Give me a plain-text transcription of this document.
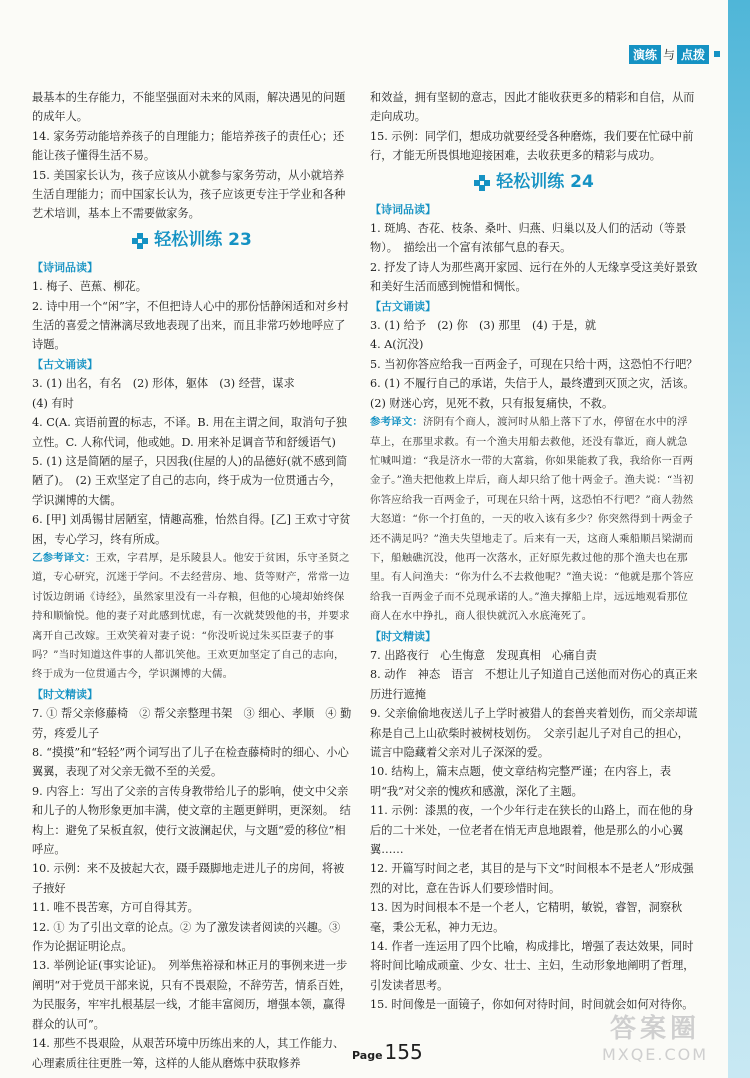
演练 与 点拨

最基本的生存能力，不能坚强面对未来的风雨，解决遇见的问题的成年人。

14. 家务劳动能培养孩子的自理能力；能培养孩子的责任心；还能让孩子懂得生活不易。

15. 美国家长认为，孩子应该从小就参与家务劳动，从小就培养生活自理能力；而中国家长认为，孩子应该更专注于学业和各种艺术培训，基本上不需要做家务。

轻松训练 23

【诗词品读】

1. 梅子、芭蕉、柳花。

2. 诗中用一个“闲”字，不但把诗人心中的那份恬静闲适和对乡村生活的喜爱之情淋漓尽致地表现了出来，而且非常巧妙地呼应了诗题。

【古文诵读】

3. (1) 出名，有名　(2) 形体，躯体　(3) 经营，谋求

(4) 有时

4. C(A. 宾语前置的标志，不译。B. 用在主谓之间，取消句子独立性。C. 人称代词，他或她。D. 用来补足调音节和舒缓语气)

5. (1) 这是简陋的屋子，只因我(住屋的人)的品德好(就不感到简陋了)。　(2) 王欢坚定了自己的志向，终于成为一位贯通古今，学识渊博的大儒。

6. [甲] 刘禹锡甘居陋室，情趣高雅，怡然自得。[乙] 王欢寸守贫困，专心学习，终有所成。

乙参考译文：王欢，字君厚，是乐陵县人。他安于贫困，乐守圣贤之道，专心研究，沉迷于学问。不去经营房、地、货等财产，常常一边讨饭边朗诵《诗经》，虽然家里没有一斗存粮，但他的心境却始终保持和顺愉悦。他的妻子对此感到忧虑，有一次就焚毁他的书，并要求离开自己改嫁。王欢笑着对妻子说：“你没听说过朱买臣妻子的事吗？”当时知道这件事的人都讥笑他。王欢更加坚定了自己的志向，终于成为一位贯通古今，学识渊博的大儒。

【时文精读】

7. ① 帮父亲修藤椅　② 帮父亲整理书架　③ 细心、孝顺　④ 勤劳，疼爱儿子

8. “摸摸”和“轻轻”两个词写出了儿子在检查藤椅时的细心、小心翼翼，表现了对父亲无微不至的关爱。

9. 内容上：写出了父亲的言传身教带给儿子的影响，使文中父亲和儿子的人物形象更加丰满，使文章的主题更鲜明，更深刻。　结构上：避免了呆板直叙，使行文波澜起伏，与文题“爱的移位”相呼应。

10. 示例：来不及披起大衣，蹑手蹑脚地走进儿子的房间，将被子掖好

11. 唯不畏苦寒，方可自得其芳。

12. ① 为了引出文章的论点。② 为了激发读者阅读的兴趣。③ 作为论据证明论点。

13. 举例论证(事实论证)。　列举焦裕禄和林正月的事例来进一步阐明“对于党员干部来说，只有不畏艰险，不辞劳苦，情系百姓，为民服务，牢牢扎根基层一线，才能丰富阅历，增强本领，赢得群众的认可”。

14. 那些不畏艰险，从艰苦环境中历练出来的人，其工作能力、心理素质往往更胜一筹，这样的人能从磨炼中获取修养

和效益，拥有坚韧的意志，因此才能收获更多的精彩和自信，从而走向成功。

15. 示例：同学们，想成功就要经受各种磨炼，我们要在忙碌中前行，才能无所畏惧地迎接困难，去收获更多的精彩与成功。

轻松训练 24

【诗词品读】

1. 斑鸠、杏花、枝条、桑叶、归燕、归巢以及人们的活动（等景物）。　描绘出一个富有浓郁气息的春天。

2. 抒发了诗人为那些离开家园、远行在外的人无缘享受这美好景致和美好生活而感到惋惜和惆怅。

【古文诵读】

3. (1) 给予　(2) 你　(3) 那里　(4) 于是，就

4. A(沉没)

5. 当初你答应给我一百两金子，可现在只给十两，这恐怕不行吧？

6. (1) 不履行自己的承诺，失信于人，最终遭到灭顶之灾，活该。　(2) 财迷心窍，见死不救，只有报复痛快，不救。

参考译文：济阴有个商人，渡河时从船上落下了水，停留在水中的浮草上，在那里求救。有一个渔夫用船去救他，还没有靠近，商人就急忙喊叫道：“我是济水一带的大富翁，你如果能救了我，我给你一百两金子。”渔夫把他救上岸后，商人却只给了他十两金子。渔夫说：“当初你答应给我一百两金子，可现在只给十两，这恐怕不行吧？”商人勃然大怒道：“你一个打鱼的，一天的收入该有多少？你突然得到十两金子还不满足吗？”渔夫失望地走了。后来有一天，这商人乘船顺吕梁湖而下，船触礁沉没，他再一次落水，正好原先救过他的那个渔夫也在那里。有人问渔夫：“你为什么不去救他呢？”渔夫说：“他就是那个答应给我一百两金子而不兑现承诺的人。”渔夫撑船上岸，远远地观看那位商人在水中挣扎，商人很快就沉入水底淹死了。

【时文精读】

7. 出路夜行　心生悔意　发现真相　心痛自责

8. 动作　神态　语言　不想让儿子知道自己送他而对伤心的真正来历进行遮掩

9. 父亲偷偷地夜送儿子上学时被猎人的套兽夹着划伤，而父亲却谎称是自己上山砍柴时被树枝划伤。　父亲引起儿子对自己的担心，谎言中隐藏着父亲对儿子深深的爱。

10. 结构上，篇末点题，使文章结构完整严谨；在内容上，表明“我”对父亲的愧疚和感激，深化了主题。

11. 示例：漆黑的夜，一个少年行走在狭长的山路上，而在他的身后的二十米处，一位老者在悄无声息地跟着，他是那么的小心翼翼……

12. 开篇写时间之老，其目的是与下文“时间根本不是老人”形成强烈的对比，意在告诉人们要珍惜时间。

13. 因为时间根本不是一个老人，它精明，敏锐，睿智，洞察秋毫，秉公无私，神力无边。

14. 作者一连运用了四个比喻，构成排比，增强了表达效果，同时将时间比喻成顽童、少女、壮士、主妇，生动形象地阐明了哲理，引发读者思考。

15. 时间像是一面镜子，你如何对待时间，时间就会如何对待你。

Page 155
答案圈
MXQE.COM
